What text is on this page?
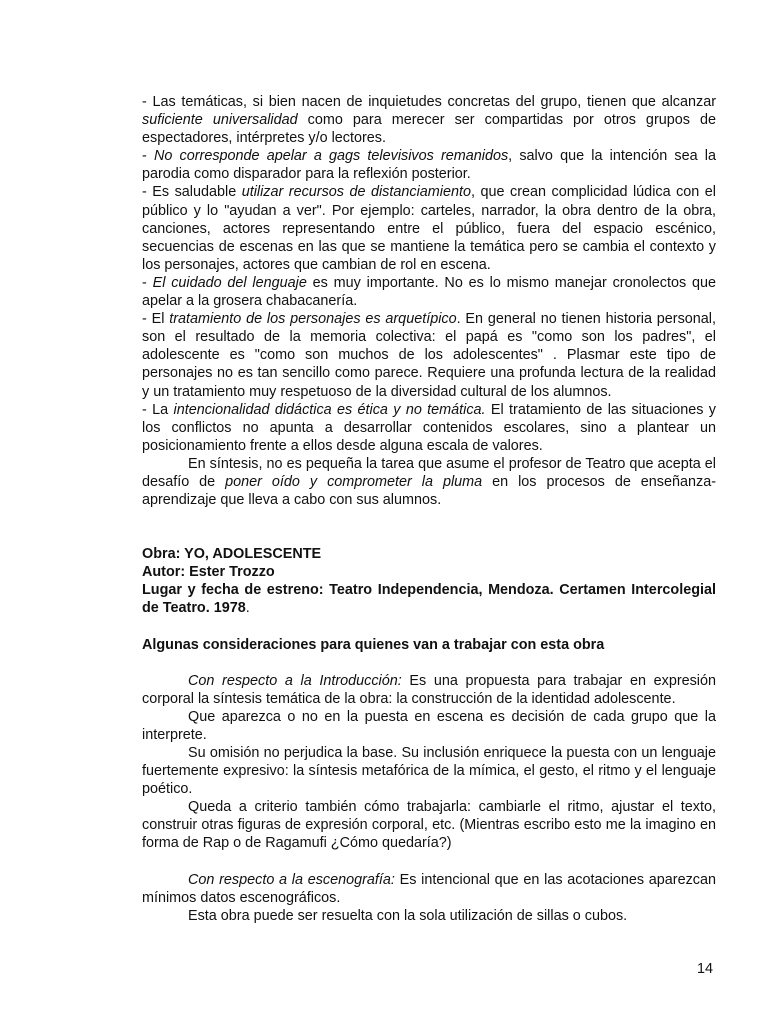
- Las temáticas, si bien nacen de inquietudes concretas del grupo, tienen que alcanzar suficiente universalidad como para merecer ser compartidas por otros grupos de espectadores, intérpretes y/o lectores.

- No corresponde apelar a gags televisivos remanidos, salvo que la intención sea la parodia como disparador para la reflexión posterior.

- Es saludable utilizar recursos de distanciamiento, que crean complicidad lúdica con el público y lo "ayudan a ver". Por ejemplo: carteles, narrador, la obra dentro de la obra, canciones, actores representando entre el público, fuera del espacio escénico, secuencias de escenas en las que se mantiene la temática pero se cambia el contexto y los personajes, actores que cambian de rol en escena.

- El cuidado del lenguaje es muy importante. No es lo mismo manejar cronolectos que apelar a la grosera chabacanería.

- El tratamiento de los personajes es arquetípico. En general no tienen historia personal, son el resultado de la memoria colectiva: el papá es "como son los padres", el adolescente es "como son muchos de los adolescentes" . Plasmar este tipo de personajes no es tan sencillo como parece. Requiere una profunda lectura de la realidad y un tratamiento muy respetuoso de la diversidad cultural de los alumnos.

- La intencionalidad didáctica es ética y no temática. El tratamiento de las situaciones y los conflictos no apunta a desarrollar contenidos escolares, sino a plantear un posicionamiento frente a ellos desde alguna escala de valores.

En síntesis, no es pequeña la tarea que asume el profesor de Teatro que acepta el desafío de poner oído y comprometer la pluma en los procesos de enseñanza-aprendizaje que lleva a cabo con sus alumnos.

Obra: YO, ADOLESCENTE

Autor: Ester Trozzo

Lugar y fecha de estreno: Teatro Independencia, Mendoza. Certamen Intercolegial de Teatro. 1978.

Algunas consideraciones para quienes van a trabajar con esta obra

Con respecto a la Introducción: Es una propuesta para trabajar en expresión corporal la síntesis temática de la obra: la construcción de la identidad adolescente.

Que aparezca o no en la puesta en escena es decisión de cada grupo que la interprete.

Su omisión no perjudica la base. Su inclusión enriquece la puesta con un lenguaje fuertemente expresivo: la síntesis metafórica de la mímica, el gesto, el ritmo y el lenguaje poético.

Queda a criterio también cómo trabajarla: cambiarle el ritmo, ajustar el texto, construir otras figuras de expresión corporal, etc. (Mientras escribo esto me la imagino en forma de Rap o de Ragamufi ¿Cómo quedaría?)

Con respecto a la escenografía: Es intencional que en las acotaciones aparezcan mínimos datos escenográficos.

Esta obra puede ser resuelta con la sola utilización de sillas o cubos.

14
